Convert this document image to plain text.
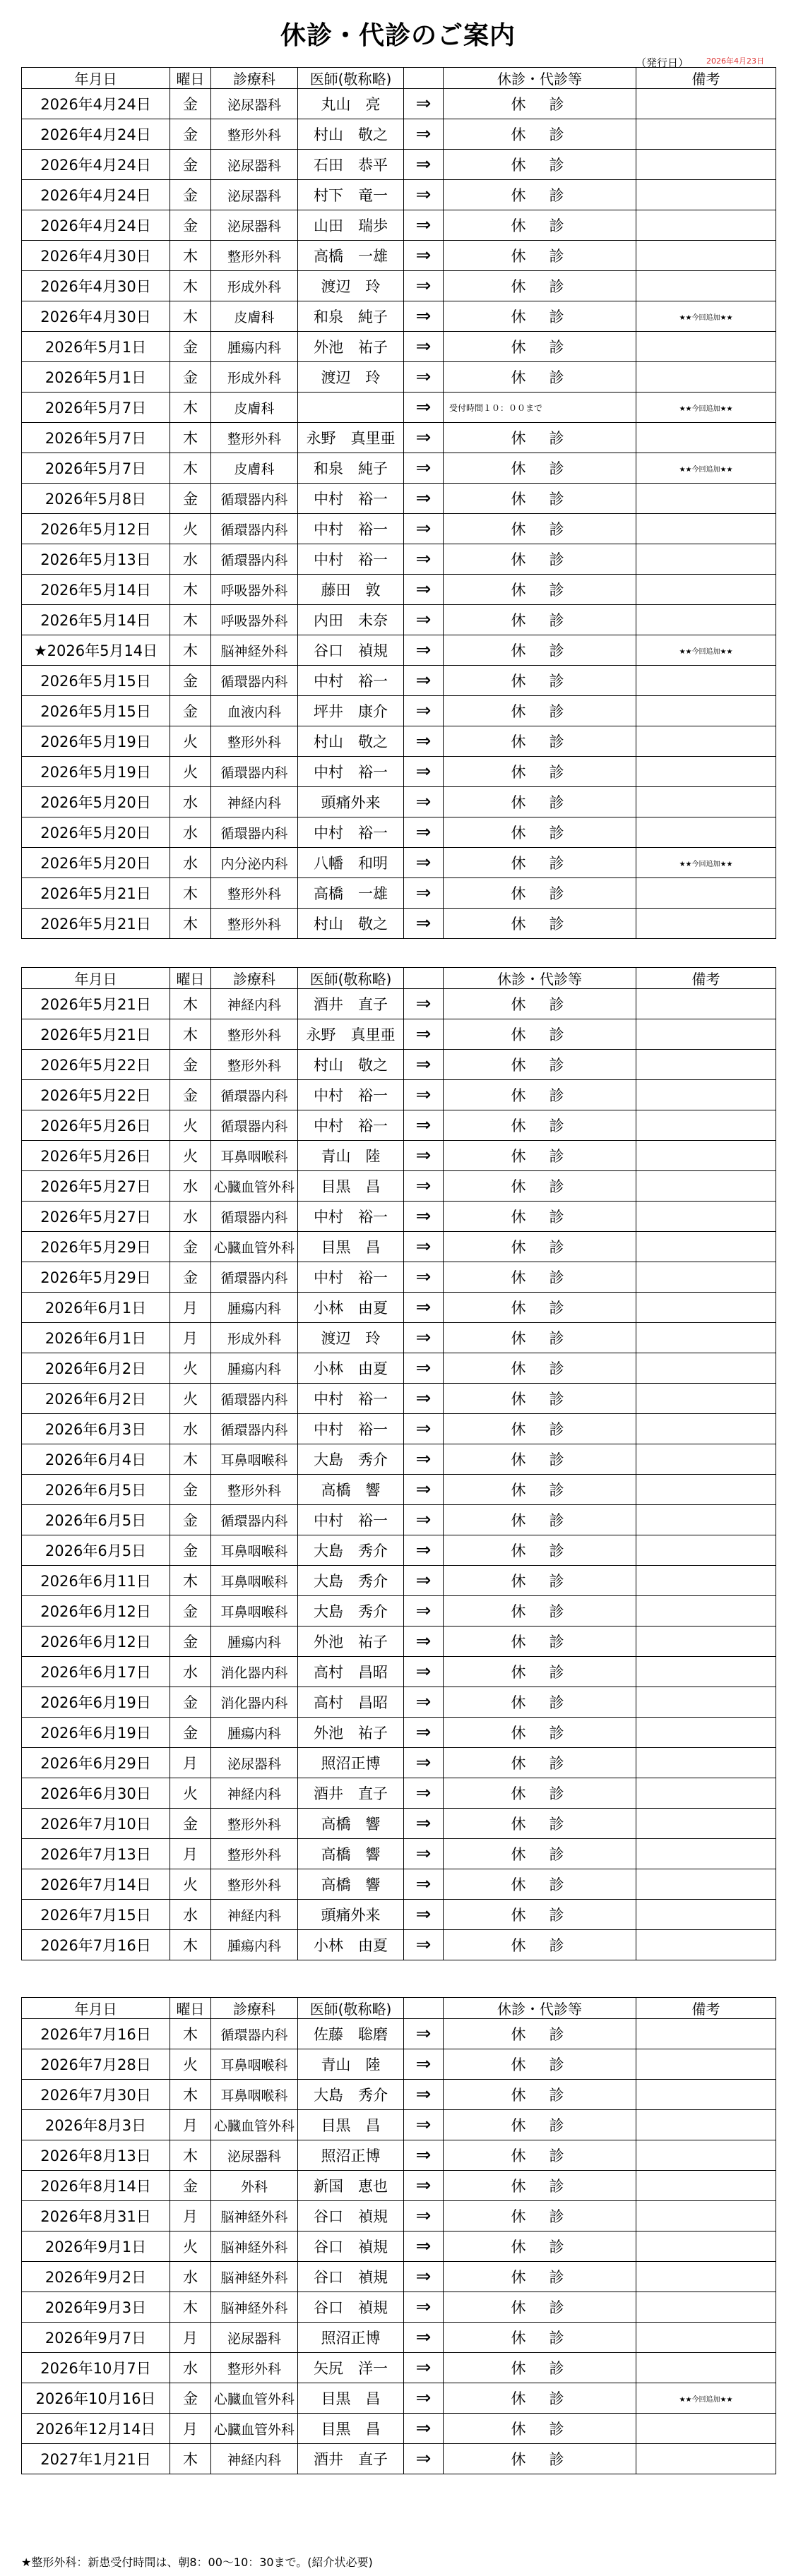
休診・代診のご案内
（発行日） 2026年4月23日
年月日	曜日	診療科	医師(敬称略)		休診・代診等	備考
2026年4月24日	金	泌尿器科	丸山　亮	⇒	休　診	
2026年4月24日	金	整形外科	村山　敬之	⇒	休　診	
2026年4月24日	金	泌尿器科	石田　恭平	⇒	休　診	
2026年4月24日	金	泌尿器科	村下　竜一	⇒	休　診	
2026年4月24日	金	泌尿器科	山田　瑞歩	⇒	休　診	
2026年4月30日	木	整形外科	高橋　一雄	⇒	休　診	
2026年4月30日	木	形成外科	渡辺　玲	⇒	休　診	
2026年4月30日	木	皮膚科	和泉　純子	⇒	休　診	★★今回追加★★
2026年5月1日	金	腫瘍内科	外池　祐子	⇒	休　診	
2026年5月1日	金	形成外科	渡辺　玲	⇒	休　診	
2026年5月7日	木	皮膚科		⇒	受付時間１０：００まで	★★今回追加★★
2026年5月7日	木	整形外科	永野　真里亜	⇒	休　診	
2026年5月7日	木	皮膚科	和泉　純子	⇒	休　診	★★今回追加★★
2026年5月8日	金	循環器内科	中村　裕一	⇒	休　診	
2026年5月12日	火	循環器内科	中村　裕一	⇒	休　診	
2026年5月13日	水	循環器内科	中村　裕一	⇒	休　診	
2026年5月14日	木	呼吸器外科	藤田　敦	⇒	休　診	
2026年5月14日	木	呼吸器外科	内田　未奈	⇒	休　診	
★2026年5月14日	木	脳神経外科	谷口　禎規	⇒	休　診	★★今回追加★★
2026年5月15日	金	循環器内科	中村　裕一	⇒	休　診	
2026年5月15日	金	血液内科	坪井　康介	⇒	休　診	
2026年5月19日	火	整形外科	村山　敬之	⇒	休　診	
2026年5月19日	火	循環器内科	中村　裕一	⇒	休　診	
2026年5月20日	水	神経内科	頭痛外来	⇒	休　診	
2026年5月20日	水	循環器内科	中村　裕一	⇒	休　診	
2026年5月20日	水	内分泌内科	八幡　和明	⇒	休　診	★★今回追加★★
2026年5月21日	木	整形外科	高橋　一雄	⇒	休　診	
2026年5月21日	木	整形外科	村山　敬之	⇒	休　診	
年月日	曜日	診療科	医師(敬称略)		休診・代診等	備考
2026年5月21日	木	神経内科	酒井　直子	⇒	休　診	
2026年5月21日	木	整形外科	永野　真里亜	⇒	休　診	
2026年5月22日	金	整形外科	村山　敬之	⇒	休　診	
2026年5月22日	金	循環器内科	中村　裕一	⇒	休　診	
2026年5月26日	火	循環器内科	中村　裕一	⇒	休　診	
2026年5月26日	火	耳鼻咽喉科	青山　陸	⇒	休　診	
2026年5月27日	水	心臓血管外科	目黒　昌	⇒	休　診	
2026年5月27日	水	循環器内科	中村　裕一	⇒	休　診	
2026年5月29日	金	心臓血管外科	目黒　昌	⇒	休　診	
2026年5月29日	金	循環器内科	中村　裕一	⇒	休　診	
2026年6月1日	月	腫瘍内科	小林　由夏	⇒	休　診	
2026年6月1日	月	形成外科	渡辺　玲	⇒	休　診	
2026年6月2日	火	腫瘍内科	小林　由夏	⇒	休　診	
2026年6月2日	火	循環器内科	中村　裕一	⇒	休　診	
2026年6月3日	水	循環器内科	中村　裕一	⇒	休　診	
2026年6月4日	木	耳鼻咽喉科	大島　秀介	⇒	休　診	
2026年6月5日	金	整形外科	高橋　響	⇒	休　診	
2026年6月5日	金	循環器内科	中村　裕一	⇒	休　診	
2026年6月5日	金	耳鼻咽喉科	大島　秀介	⇒	休　診	
2026年6月11日	木	耳鼻咽喉科	大島　秀介	⇒	休　診	
2026年6月12日	金	耳鼻咽喉科	大島　秀介	⇒	休　診	
2026年6月12日	金	腫瘍内科	外池　祐子	⇒	休　診	
2026年6月17日	水	消化器内科	高村　昌昭	⇒	休　診	
2026年6月19日	金	消化器内科	高村　昌昭	⇒	休　診	
2026年6月19日	金	腫瘍内科	外池　祐子	⇒	休　診	
2026年6月29日	月	泌尿器科	照沼正博	⇒	休　診	
2026年6月30日	火	神経内科	酒井　直子	⇒	休　診	
2026年7月10日	金	整形外科	高橋　響	⇒	休　診	
2026年7月13日	月	整形外科	高橋　響	⇒	休　診	
2026年7月14日	火	整形外科	高橋　響	⇒	休　診	
2026年7月15日	水	神経内科	頭痛外来	⇒	休　診	
2026年7月16日	木	腫瘍内科	小林　由夏	⇒	休　診	
年月日	曜日	診療科	医師(敬称略)		休診・代診等	備考
2026年7月16日	木	循環器内科	佐藤　聡磨	⇒	休　診	
2026年7月28日	火	耳鼻咽喉科	青山　陸	⇒	休　診	
2026年7月30日	木	耳鼻咽喉科	大島　秀介	⇒	休　診	
2026年8月3日	月	心臓血管外科	目黒　昌	⇒	休　診	
2026年8月13日	木	泌尿器科	照沼正博	⇒	休　診	
2026年8月14日	金	外科	新国　恵也	⇒	休　診	
2026年8月31日	月	脳神経外科	谷口　禎規	⇒	休　診	
2026年9月1日	火	脳神経外科	谷口　禎規	⇒	休　診	
2026年9月2日	水	脳神経外科	谷口　禎規	⇒	休　診	
2026年9月3日	木	脳神経外科	谷口　禎規	⇒	休　診	
2026年9月7日	月	泌尿器科	照沼正博	⇒	休　診	
2026年10月7日	水	整形外科	矢尻　洋一	⇒	休　診	
2026年10月16日	金	心臓血管外科	目黒　昌	⇒	休　診	★★今回追加★★
2026年12月14日	月	心臓血管外科	目黒　昌	⇒	休　診	
2027年1月21日	木	神経内科	酒井　直子	⇒	休　診	
★整形外科：新患受付時間は、朝8：00～10：30まで。(紹介状必要)
